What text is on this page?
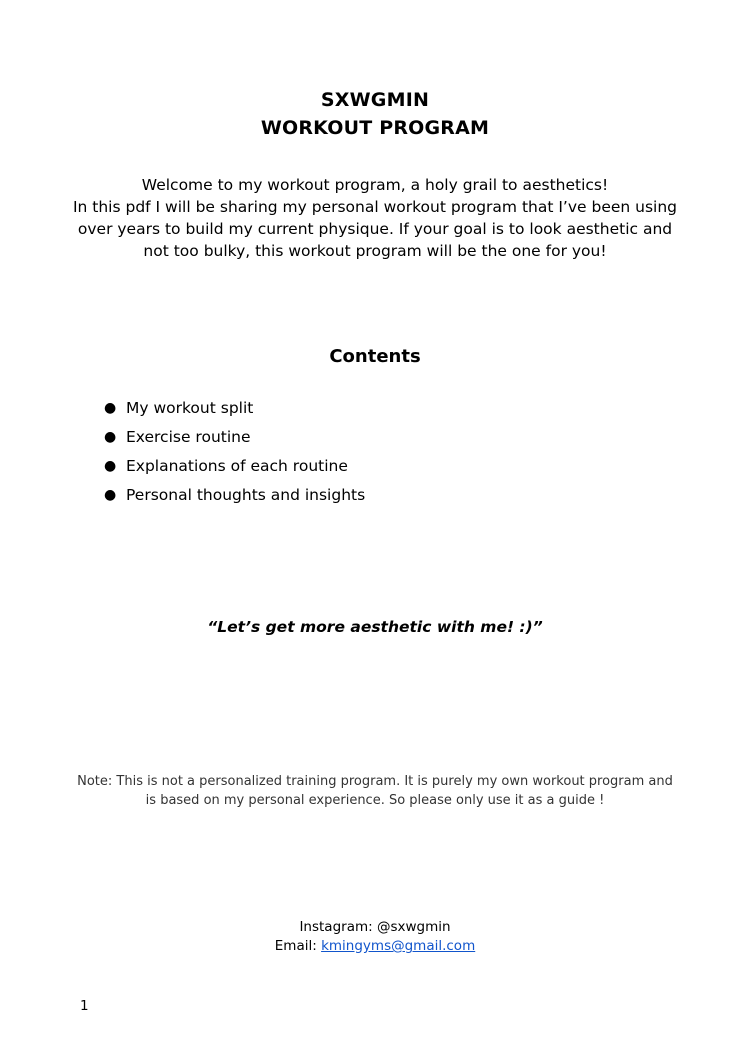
SXWGMIN
WORKOUT PROGRAM

Welcome to my workout program, a holy grail to aesthetics!
In this pdf I will be sharing my personal workout program that I’ve been using
over years to build my current physique. If your goal is to look aesthetic and
not too bulky, this workout program will be the one for you!

Contents
● My workout split
● Exercise routine
● Explanations of each routine
● Personal thoughts and insights

“Let’s get more aesthetic with me! :)”

Note: This is not a personalized training program. It is purely my own workout program and
is based on my personal experience. So please only use it as a guide !

Instagram: @sxwgmin
Email: kmingyms@gmail.com

1
